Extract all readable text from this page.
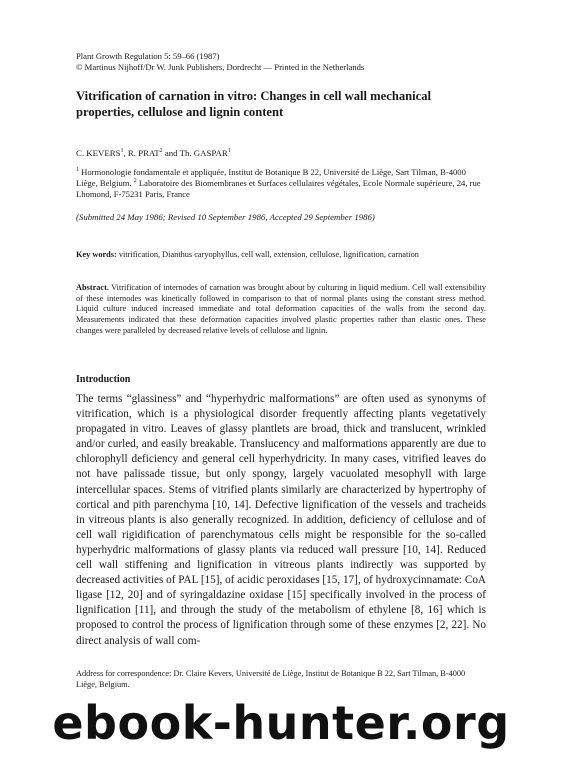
Plant Growth Regulation 5: 59–66 (1987)
© Martinus Nijhoff/Dr W. Junk Publishers, Dordrecht — Printed in the Netherlands
Vitrification of carnation in vitro: Changes in cell wall mechanical properties, cellulose and lignin content
C. KEVERS$^1$, R. PRAT$^2$ and Th. GASPAR$^1$
$^1$ Hormonologie fondamentale et appliquée, Institut de Botanique B 22, Université de Liège, Sart Tilman, B-4000 Liège, Belgium. $^2$ Laboratoire des Biomembranes et Surfaces cellulaires végétales, Ecole Normale supérieure, 24, rue Lhomond, F-75231 Paris, France
(Submitted 24 May 1986; Revised 10 September 1986, Accepted 29 September 1986)
Key words: vitrification, Dianthus caryophyllus, cell wall, extension, cellulose, lignification, carnation
Abstract. Vitrification of internodes of carnation was brought about by culturing in liquid medium. Cell wall extensibility of these internodes was kinetically followed in comparison to that of normal plants using the constant stress method. Liquid culture induced increased immediate and total deformation capacities of the walls from the second day. Measurements indicated that these deformation capacities involved plastic properties rather than elastic ones. These changes were paralleled by decreased relative levels of cellulose and lignin.
Introduction
The terms “glassiness” and “hyperhydric malformations” are often used as synonyms of vitrification, which is a physiological disorder frequently affecting plants vegetatively propagated in vitro. Leaves of glassy plantlets are broad, thick and translucent, wrinkled and/or curled, and easily breakable. Translucency and malformations apparently are due to chlorophyll deficiency and general cell hyperhydricity. In many cases, vitrified leaves do not have palissade tissue, but only spongy, largely vacuolated mesophyll with large intercellular spaces. Stems of vitrified plants similarly are characterized by hypertrophy of cortical and pith parenchyma [10, 14]. Defective lignification of the vessels and tracheids in vitreous plants is also generally recognized. In addition, deficiency of cellulose and of cell wall rigidification of parenchymatous cells might be responsible for the so-called hyperhydric malformations of glassy plants via reduced wall pressure [10, 14]. Reduced cell wall stiffening and lignification in vitreous plants indirectly was supported by decreased activities of PAL [15], of acidic peroxidases [15, 17], of hydroxycinnamate: CoA ligase [12, 20] and of syringaldazine oxidase [15] specifically involved in the process of lignification [11], and through the study of the metabolism of ethylene [8, 16] which is proposed to control the process of lignification through some of these enzymes [2, 22]. No direct analysis of wall com-
Address for correspondence: Dr. Claire Kevers, Université de Liège, Institut de Botanique B 22, Sart Tilman, B-4000 Liège, Belgium.
ebook-hunter.org
